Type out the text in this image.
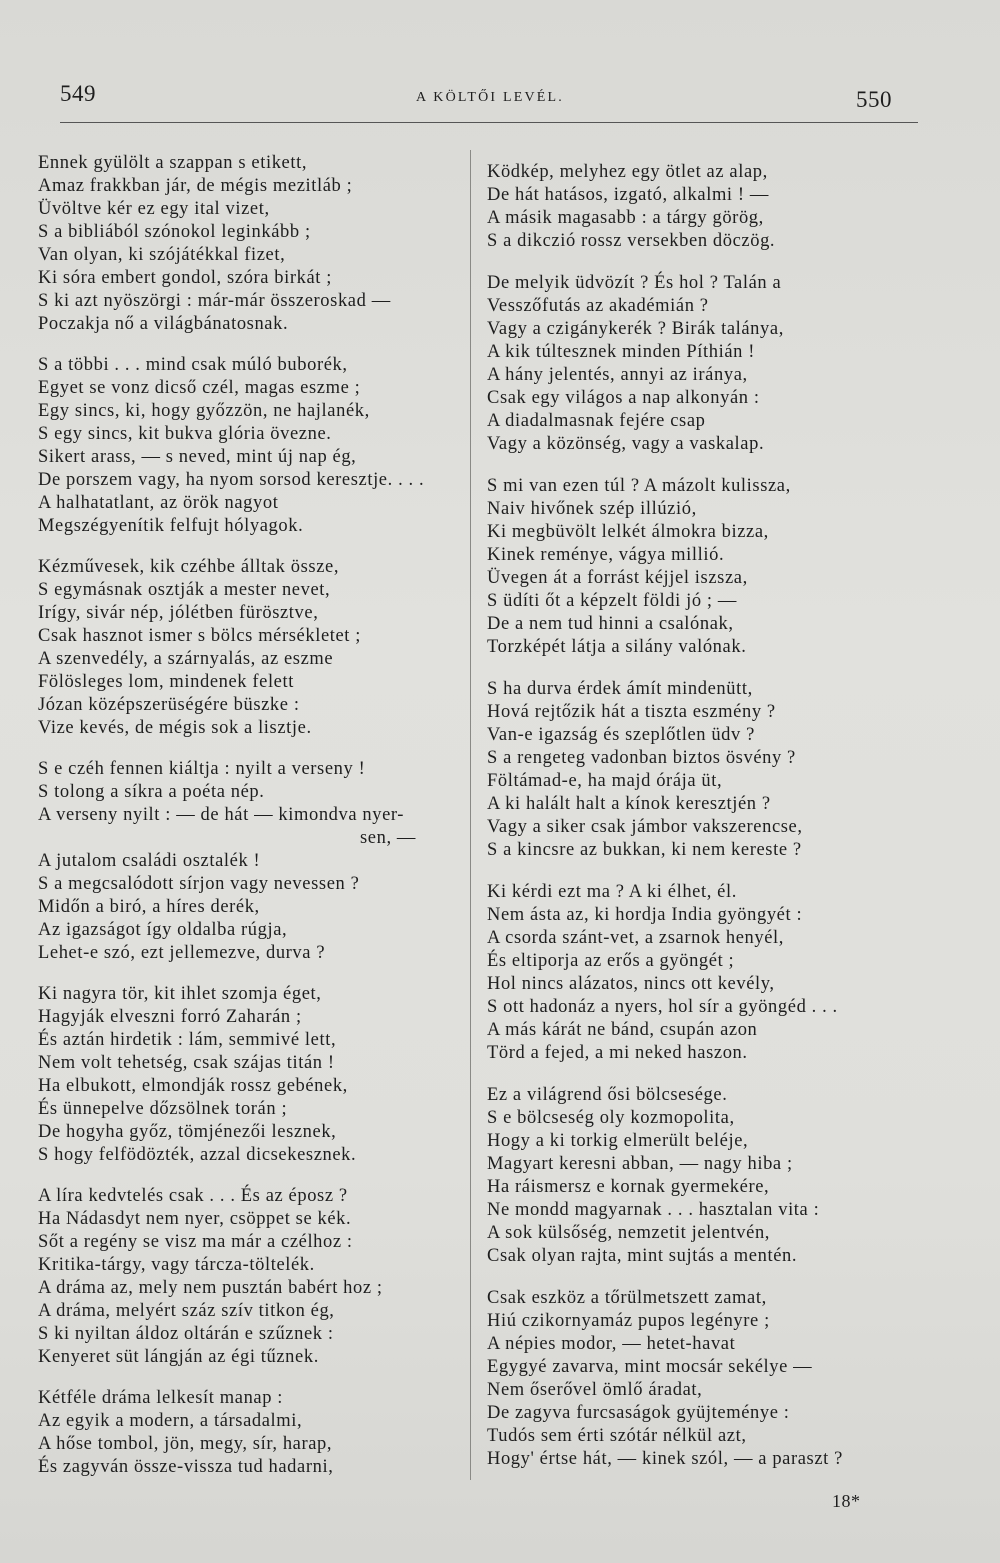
549	A KÖLTŐI LEVÉL.	550
Ennek gyülölt a szappan s etikett,
Amaz frakkban jár, de mégis mezitláb ;
Üvöltve kér ez egy ital vizet,
S a bibliából szónokol leginkább ;
Van olyan, ki szójátékkal fizet,
Ki sóra embert gondol, szóra birkát ;
S ki azt nyöszörgi : már-már összeroskad —
Poczakja nő a világbánatosnak.
S a többi . . . mind csak múló buborék,
Egyet se vonz dicső czél, magas eszme ;
Egy sincs, ki, hogy győzzön, ne hajlanék,
S egy sincs, kit bukva glória övezne.
Sikert arass, — s neved, mint új nap ég,
De porszem vagy, ha nyom sorsod keresztje. . . .
A halhatatlant, az örök nagyot
Megszégyenítik felfujt hólyagok.
Kézművesek, kik czéhbe álltak össze,
S egymásnak osztják a mester nevet,
Irígy, sivár nép, jólétben fürösztve,
Csak hasznot ismer s bölcs mérsékletet ;
A szenvedély, a szárnyalás, az eszme
Fölösleges lom, mindenek felett
Józan középszerüségére büszke :
Vize kevés, de mégis sok a lisztje.
S e czéh fennen kiáltja : nyilt a verseny !
S tolong a síkra a poéta nép.
A verseny nyilt : — de hát — kimondva nyer-
sen, —
A jutalom családi osztalék !
S a megcsalódott sírjon vagy nevessen ?
Midőn a biró, a híres derék,
Az igazságot így oldalba rúgja,
Lehet-e szó, ezt jellemezve, durva ?
Ki nagyra tör, kit ihlet szomja éget,
Hagyják elveszni forró Zaharán ;
És aztán hirdetik : lám, semmivé lett,
Nem volt tehetség, csak szájas titán !
Ha elbukott, elmondják rossz gebének,
És ünnepelve dőzsölnek torán ;
De hogyha győz, tömjénezői lesznek,
S hogy felfödözték, azzal dicsekesznek.
A líra kedvtelés csak . . . És az éposz ?
Ha Nádasdyt nem nyer, csöppet se kék.
Sőt a regény se visz ma már a czélhoz :
Kritika-tárgy, vagy tárcza-töltelék.
A dráma az, mely nem pusztán babért hoz ;
A dráma, melyért száz szív titkon ég,
S ki nyiltan áldoz oltárán e szűznek :
Kenyeret süt lángján az égi tűznek.
Kétféle dráma lelkesít manap :
Az egyik a modern, a társadalmi,
A hőse tombol, jön, megy, sír, harap,
És zagyván össze-vissza tud hadarni,
Ködkép, melyhez egy ötlet az alap,
De hát hatásos, izgató, alkalmi ! —
A másik magasabb : a tárgy görög,
S a dikczió rossz versekben döczög.
De melyik üdvözít ? És hol ? Talán a
Vesszőfutás az akadémián ?
Vagy a czigánykerék ? Birák talánya,
A kik túltesznek minden Píthián !
A hány jelentés, annyi az iránya,
Csak egy világos a nap alkonyán :
A diadalmasnak fejére csap
Vagy a közönség, vagy a vaskalap.
S mi van ezen túl ? A mázolt kulissza,
Naiv hivőnek szép illúzió,
Ki megbüvölt lelkét álmokra bizza,
Kinek reménye, vágya millió.
Üvegen át a forrást kéjjel iszsza,
S üdíti őt a képzelt földi jó ; —
De a nem tud hinni a csalónak,
Torzképét látja a silány valónak.
S ha durva érdek ámít mindenütt,
Hová rejtőzik hát a tiszta eszmény ?
Van-e igazság és szeplőtlen üdv ?
S a rengeteg vadonban biztos ösvény ?
Föltámad-e, ha majd órája üt,
A ki halált halt a kínok keresztjén ?
Vagy a siker csak jámbor vakszerencse,
S a kincsre az bukkan, ki nem kereste ?
Ki kérdi ezt ma ? A ki élhet, él.
Nem ásta az, ki hordja India gyöngyét :
A csorda szánt-vet, a zsarnok henyél,
És eltiporja az erős a gyöngét ;
Hol nincs alázatos, nincs ott kevély,
S ott hadonáz a nyers, hol sír a gyöngéd . . .
A más kárát ne bánd, csupán azon
Törd a fejed, a mi neked haszon.
Ez a világrend ősi bölcsesége.
S e bölcseség oly kozmopolita,
Hogy a ki torkig elmerült beléje,
Magyart keresni abban, — nagy hiba ;
Ha ráismersz e kornak gyermekére,
Ne mondd magyarnak . . . hasztalan vita :
A sok külsőség, nemzetit jelentvén,
Csak olyan rajta, mint sujtás a mentén.
Csak eszköz a tőrülmetszett zamat,
Hiú czikornyamáz pupos legényre ;
A népies modor, — hetet-havat
Egygyé zavarva, mint mocsár sekélye —
Nem őserővel ömlő áradat,
De zagyva furcsaságok gyüjteménye :
Tudós sem érti szótár nélkül azt,
Hogy' értse hát, — kinek szól, — a paraszt ?
18*
